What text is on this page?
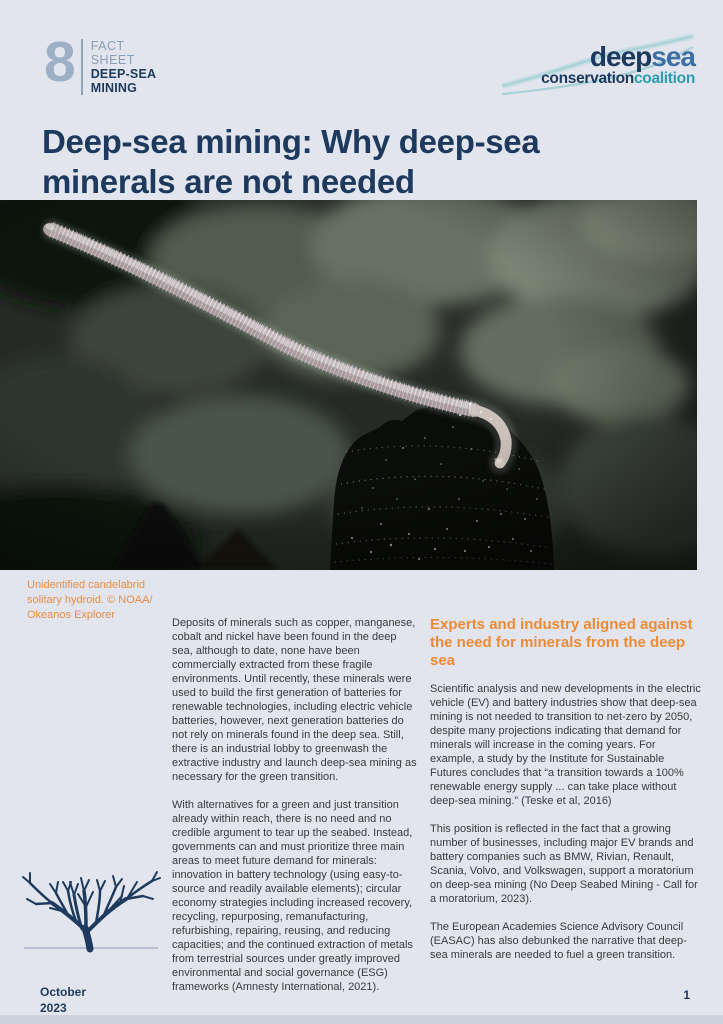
8	FACT
SHEET
DEEP-SEA
MINING
deepsea
conservationcoalition
Deep-sea mining: Why deep-sea minerals are not needed
Unidentified candelabrid solitary hydroid. © NOAA/ Okeanos Explorer

Deposits of minerals such as copper, manganese, cobalt and nickel have been found in the deep sea, although to date, none have been commercially extracted from these fragile environments. Until recently, these minerals were used to build the first generation of batteries for renewable technologies, including electric vehicle batteries, however, next generation batteries do not rely on minerals found in the deep sea. Still, there is an industrial lobby to greenwash the extractive industry and launch deep-sea mining as necessary for the green transition.

With alternatives for a green and just transition already within reach, there is no need and no credible argument to tear up the seabed. Instead, governments can and must prioritize three main areas to meet future demand for minerals: innovation in battery technology (using easy-to-source and readily available elements); circular economy strategies including increased recovery, recycling, repurposing, remanufacturing, refurbishing, repairing, reusing, and reducing capacities; and the continued extraction of metals from terrestrial sources under greatly improved environmental and social governance (ESG) frameworks (Amnesty International, 2021).

Experts and industry aligned against the need for minerals from the deep sea

Scientific analysis and new developments in the electric vehicle (EV) and battery industries show that deep-sea mining is not needed to transition to net-zero by 2050, despite many projections indicating that demand for minerals will increase in the coming years. For example, a study by the Institute for Sustainable Futures concludes that “a transition towards a 100% renewable energy supply ... can take place without deep-sea mining.” (Teske et al, 2016)

This position is reflected in the fact that a growing number of businesses, including major EV brands and battery companies such as BMW, Rivian, Renault, Scania, Volvo, and Volkswagen, support a moratorium on deep-sea mining (No Deep Seabed Mining - Call for a moratorium, 2023).

The European Academies Science Advisory Council (EASAC) has also debunked the narrative that deep-sea minerals are needed to fuel a green transition.

October
2023
1
